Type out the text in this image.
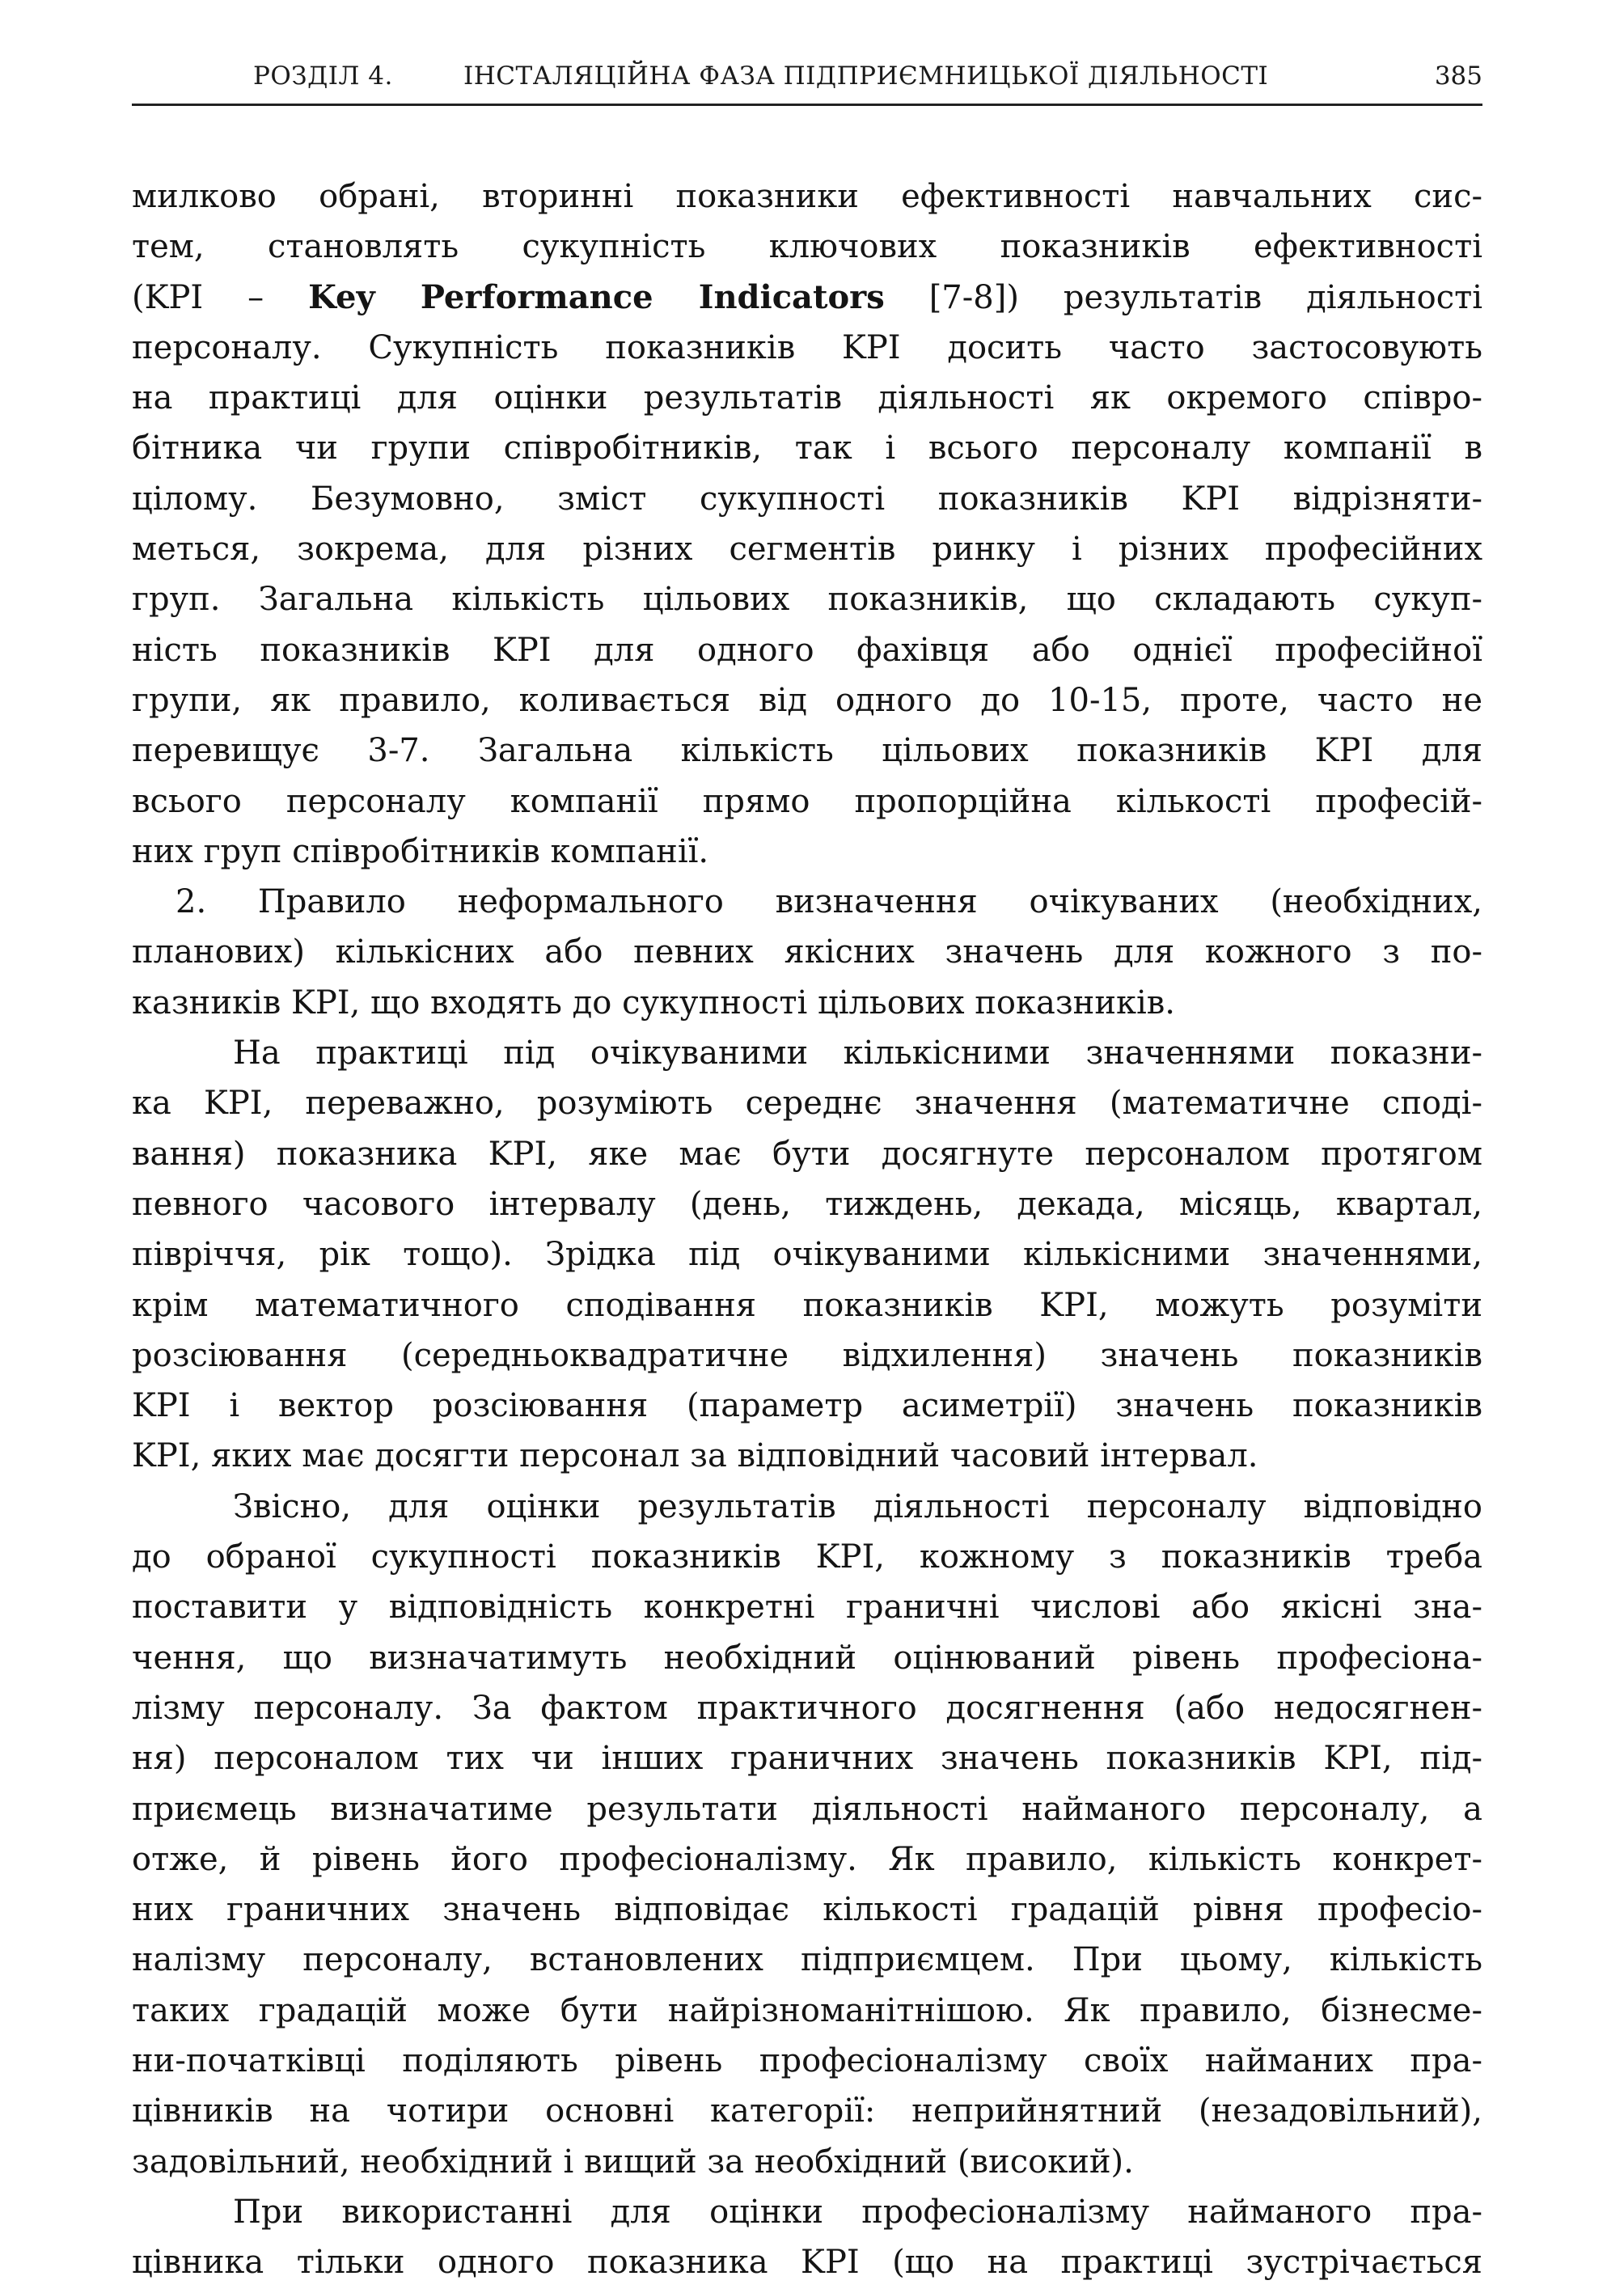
РОЗДІЛ 4.	ІНСТАЛЯЦІЙНА ФАЗА ПІДПРИЄМНИЦЬКОЇ ДІЯЛЬНОСТІ	385
милково обрані, вторинні показники ефективності навчальних сис-
тем, становлять сукупність ключових показників ефективності
(KPI – Key Performance Indicators [7-8]) результатів діяльності
персоналу. Сукупність показників KPI досить часто застосовують
на практиці для оцінки результатів діяльності як окремого співро-
бітника чи групи співробітників, так і всього персоналу компанії в
цілому. Безумовно, зміст сукупності показників KPI відрізняти-
меться, зокрема, для різних сегментів ринку і різних професійних
груп. Загальна кількість цільових показників, що складають сукуп-
ність показників KPI для одного фахівця або однієї професійної
групи, як правило, коливається від одного до 10-15, проте, часто не
перевищує 3-7. Загальна кількість цільових показників KPI для
всього персоналу компанії прямо пропорційна кількості професій-
них груп співробітників компанії.
2. Правило неформального визначення очікуваних (необхідних,
планових) кількісних або певних якісних значень для кожного з по-
казників KPI, що входять до сукупності цільових показників.
На практиці під очікуваними кількісними значеннями показни-
ка KPI, переважно, розуміють середнє значення (математичне споді-
вання) показника KPI, яке має бути досягнуте персоналом протягом
певного часового інтервалу (день, тиждень, декада, місяць, квартал,
півріччя, рік тощо). Зрідка під очікуваними кількісними значеннями,
крім математичного сподівання показників KPI, можуть розуміти
розсіювання (середньоквадратичне відхилення) значень показників
KPI і вектор розсіювання (параметр асиметрії) значень показників
KPI, яких має досягти персонал за відповідний часовий інтервал.
Звісно, для оцінки результатів діяльності персоналу відповідно
до обраної сукупності показників KPI, кожному з показників треба
поставити у відповідність конкретні граничні числові або якісні зна-
чення, що визначатимуть необхідний оцінюваний рівень професіона-
лізму персоналу. За фактом практичного досягнення (або недосягнен-
ня) персоналом тих чи інших граничних значень показників KPI, під-
приємець визначатиме результати діяльності найманого персоналу, а
отже, й рівень його професіоналізму. Як правило, кількість конкрет-
них граничних значень відповідає кількості градацій рівня професіо-
налізму персоналу, встановлених підприємцем. При цьому, кількість
таких градацій може бути найрізноманітнішою. Як правило, бізнесме-
ни-початківці поділяють рівень професіоналізму своїх найманих пра-
цівників на чотири основні категорії: неприйнятний (незадовільний),
задовільний, необхідний і вищий за необхідний (високий).
При використанні для оцінки професіоналізму найманого пра-
цівника тільки одного показника KPI (що на практиці зустрічається
